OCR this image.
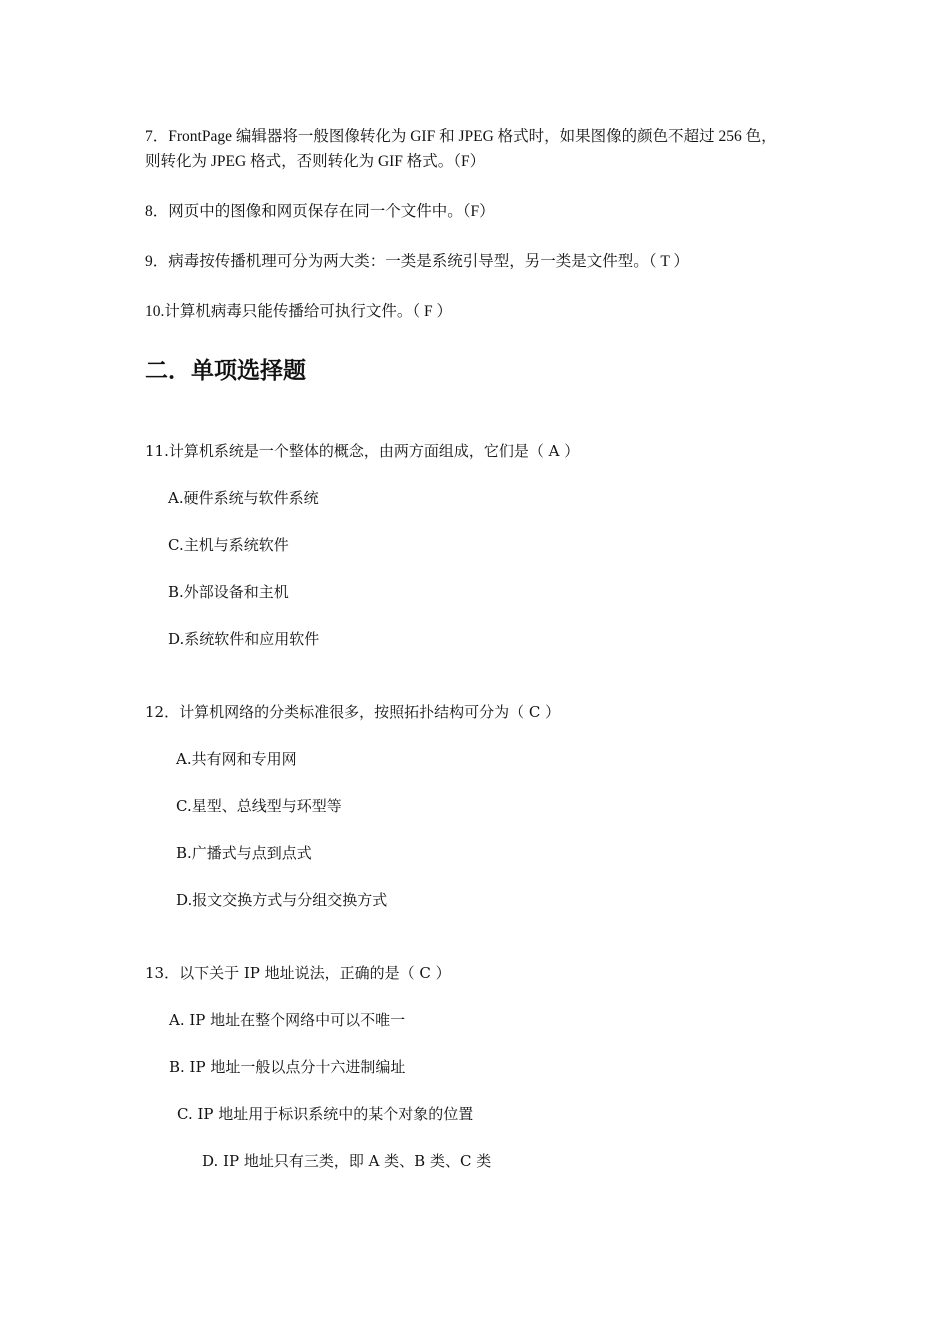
7．FrontPage 编辑器将一般图像转化为 GIF 和 JPEG 格式时，如果图像的颜色不超过 256 色，
则转化为 JPEG 格式，否则转化为 GIF 格式。（F）
8．网页中的图像和网页保存在同一个文件中。（F）
9．病毒按传播机理可分为两大类：一类是系统引导型，另一类是文件型。（ T ）
10.计算机病毒只能传播给可执行文件。（ F ）
二．单项选择题
11.计算机系统是一个整体的概念，由两方面组成，它们是（ A ）
A.硬件系统与软件系统
C.主机与系统软件
B.外部设备和主机
D.系统软件和应用软件
12．计算机网络的分类标准很多，按照拓扑结构可分为（ C ）
A.共有网和专用网
C.星型、总线型与环型等
B.广播式与点到点式
D.报文交换方式与分组交换方式
13．以下关于 IP 地址说法，正确的是（ C ）
A. IP 地址在整个网络中可以不唯一
B. IP 地址一般以点分十六进制编址
C. IP 地址用于标识系统中的某个对象的位置
D. IP 地址只有三类，即 A 类、B 类、C 类
